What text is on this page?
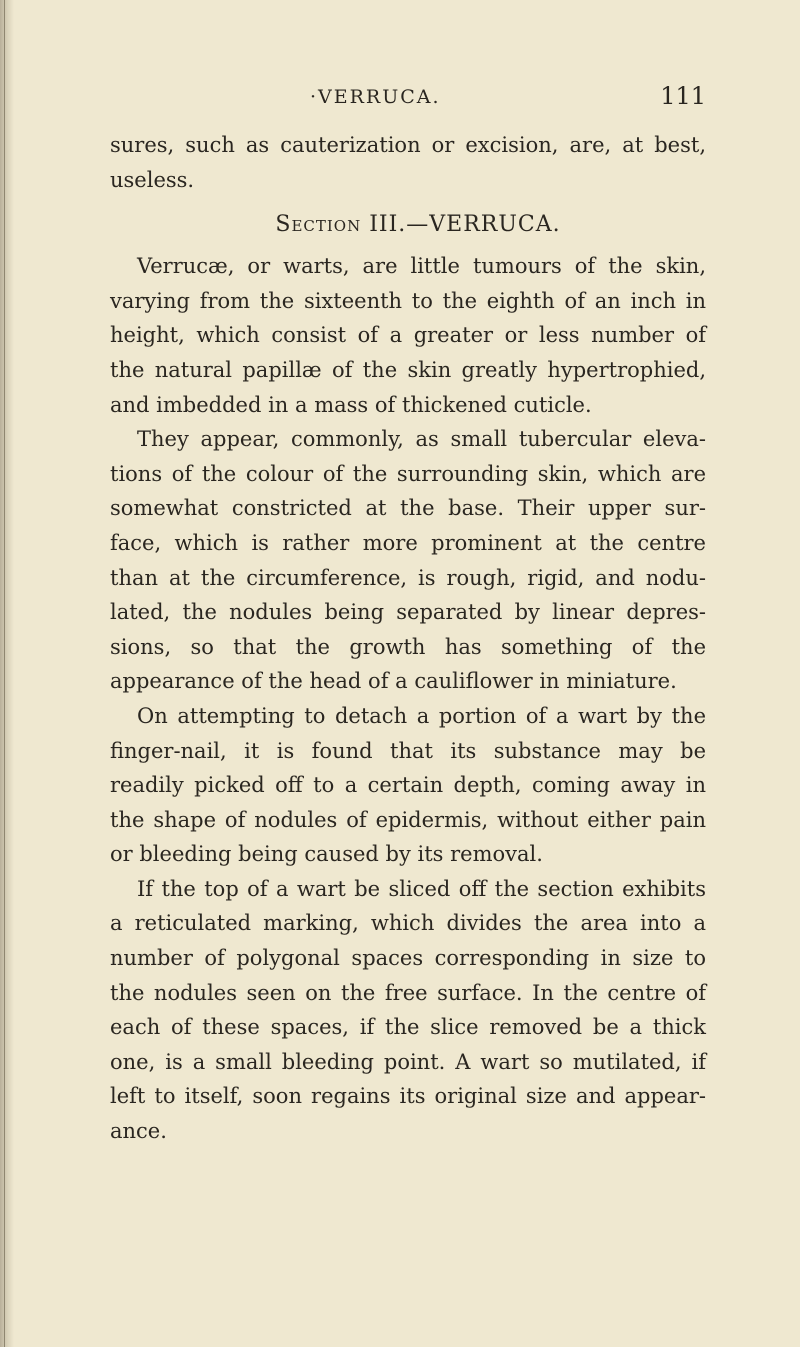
·VERRUCA.	111
sures, such as cauterization or excision, are, at best,
useless.
Section III.—VERRUCA.
Verrucæ, or warts, are little tumours of the skin,
varying from the sixteenth to the eighth of an inch in
height, which consist of a greater or less number of
the natural papillæ of the skin greatly hypertrophied,
and imbedded in a mass of thickened cuticle.
They appear, commonly, as small tubercular eleva-
tions of the colour of the surrounding skin, which are
somewhat constricted at the base. Their upper sur-
face, which is rather more prominent at the centre
than at the circumference, is rough, rigid, and nodu-
lated, the nodules being separated by linear depres-
sions, so that the growth has something of the
appearance of the head of a cauliflower in miniature.
On attempting to detach a portion of a wart by the
finger-nail, it is found that its substance may be
readily picked off to a certain depth, coming away in
the shape of nodules of epidermis, without either pain
or bleeding being caused by its removal.
If the top of a wart be sliced off the section exhibits
a reticulated marking, which divides the area into a
number of polygonal spaces corresponding in size to
the nodules seen on the free surface. In the centre of
each of these spaces, if the slice removed be a thick
one, is a small bleeding point. A wart so mutilated, if
left to itself, soon regains its original size and appear-
ance.
